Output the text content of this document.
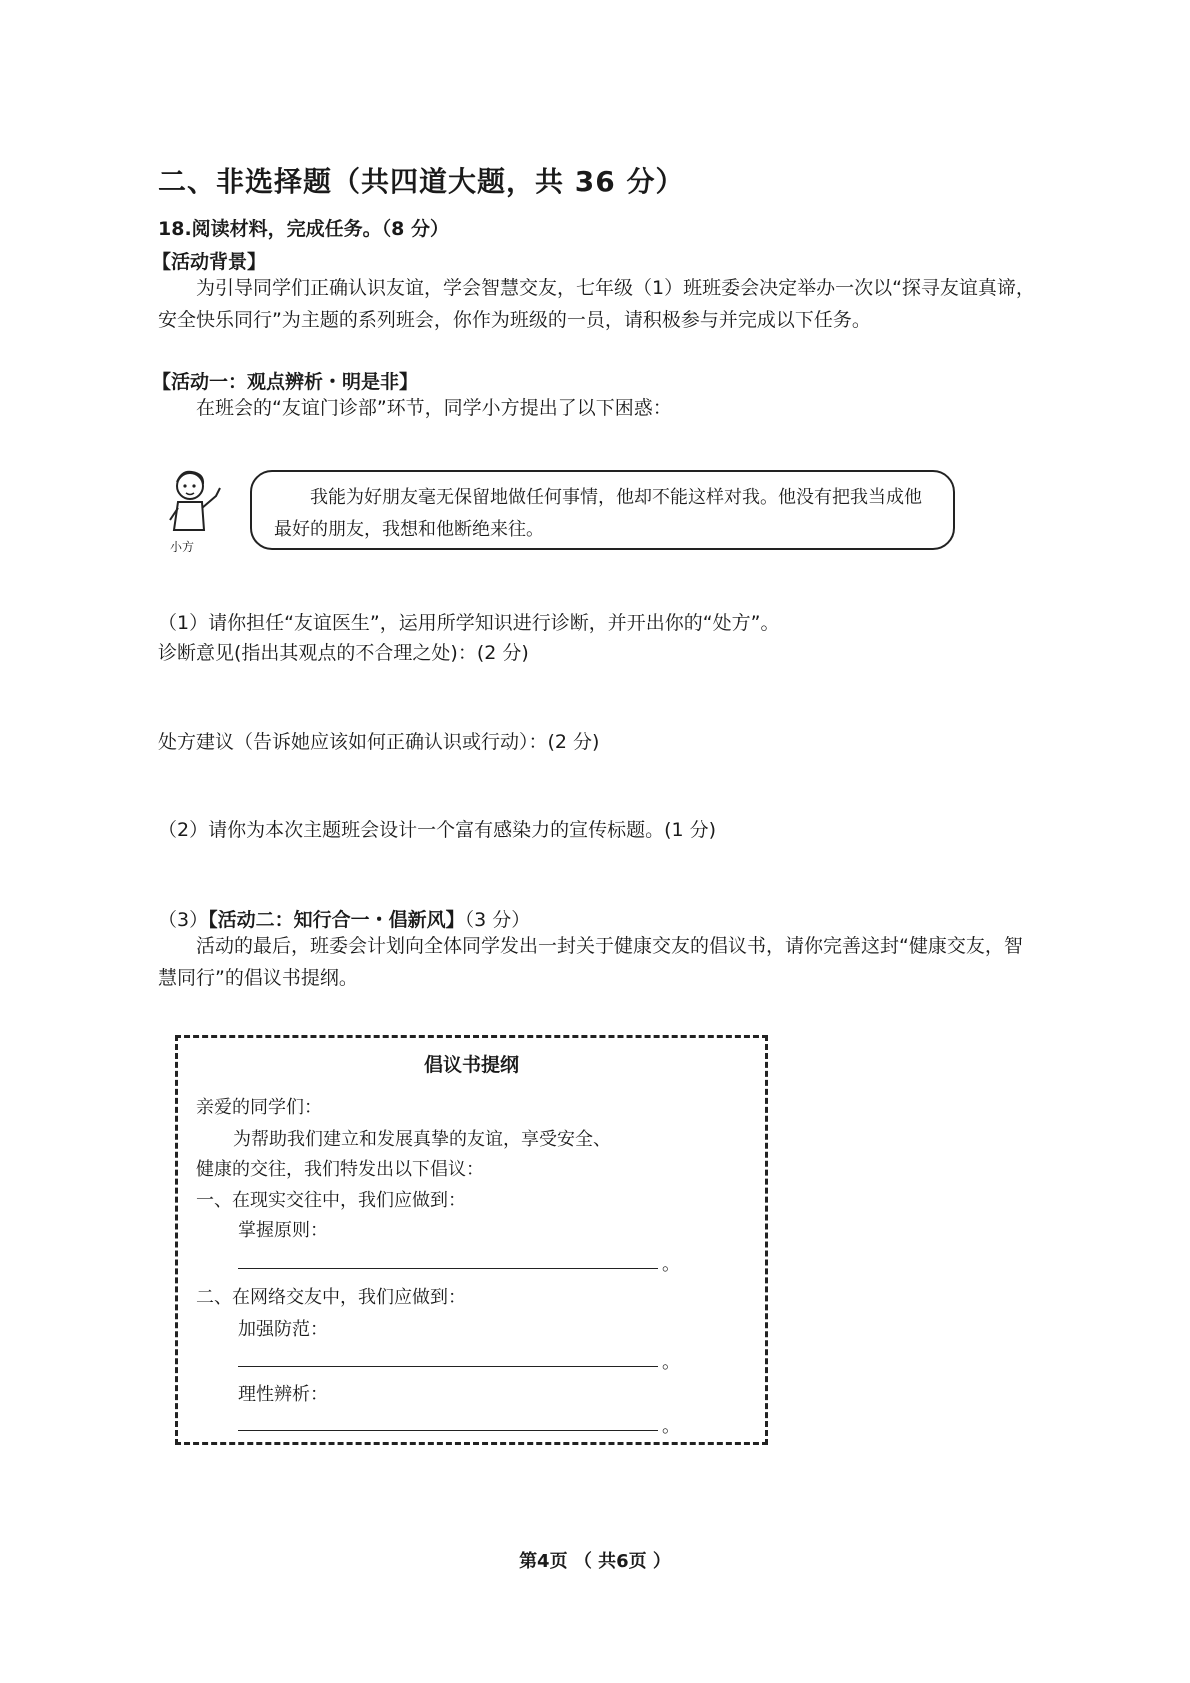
二、非选择题（共四道大题，共 36 分）
18.阅读材料，完成任务。（8 分）
【活动背景】

为引导同学们正确认识友谊，学会智慧交友，七年级（1）班班委会决定举办一次以“探寻友谊真谛，安全快乐同行”为主题的系列班会，你作为班级的一员，请积极参与并完成以下任务。

【活动一：观点辨析・明是非】

在班会的“友谊门诊部”环节，同学小方提出了以下困惑：

小方
我能为好朋友毫无保留地做任何事情，他却不能这样对我。他没有把我当成他最好的朋友，我想和他断绝来往。
（1）请你担任“友谊医生”，运用所学知识进行诊断，并开出你的“处方”。
诊断意见(指出其观点的不合理之处)：(2 分)
处方建议（告诉她应该如何正确认识或行动）：(2 分)
（2）请你为本次主题班会设计一个富有感染力的宣传标题。(1 分)
（3）【活动二：知行合一・倡新风】（3 分）

活动的最后，班委会计划向全体同学发出一封关于健康交友的倡议书，请你完善这封“健康交友，智慧同行”的倡议书提纲。

倡议书提纲
亲爱的同学们：
为帮助我们建立和发展真挚的友谊，享受安全、
健康的交往，我们特发出以下倡议：
一、在现实交往中，我们应做到：
掌握原则：
。
二、在网络交友中，我们应做到：
加强防范：
。
理性辨析：
。
第4页 （ 共6页 ）
